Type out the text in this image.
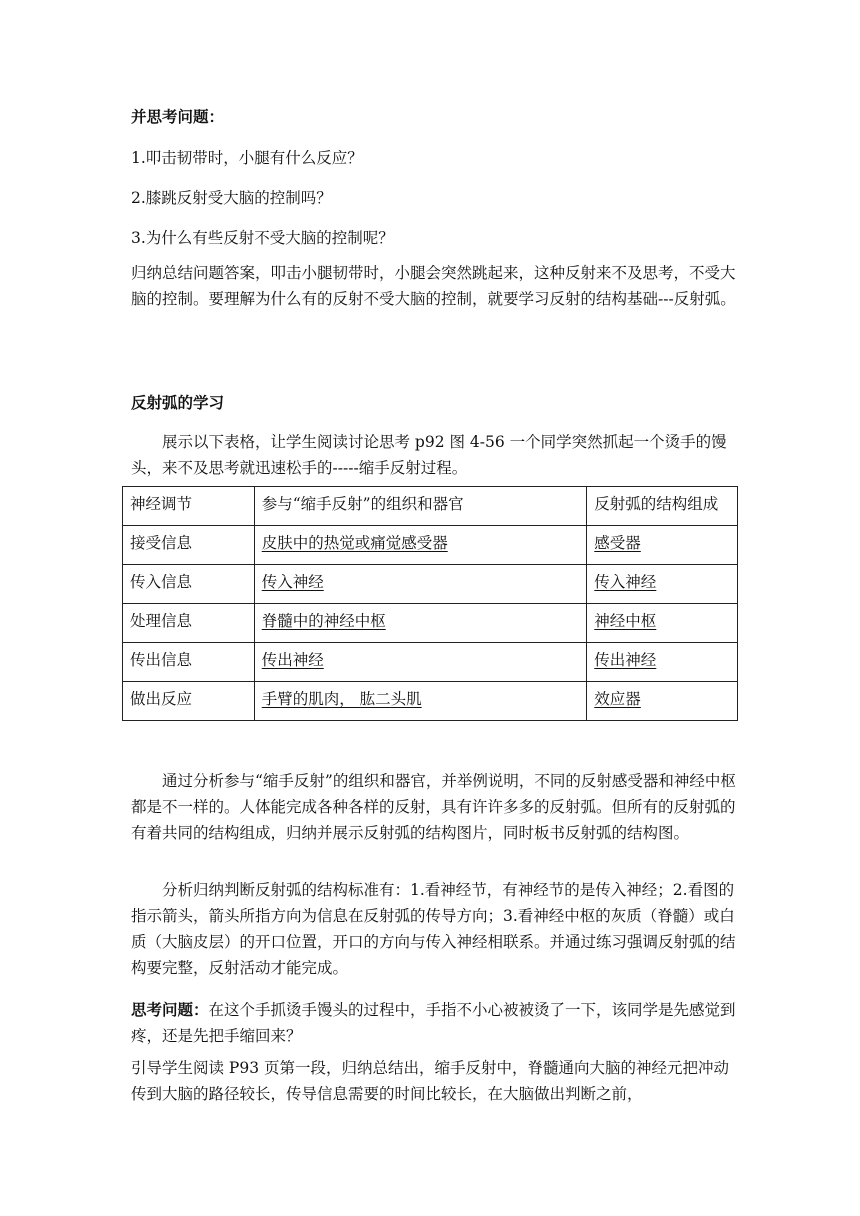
并思考问题：

1.叩击韧带时，小腿有什么反应？

2.膝跳反射受大脑的控制吗？

3.为什么有些反射不受大脑的控制呢？

归纳总结问题答案，叩击小腿韧带时，小腿会突然跳起来，这种反射来不及思考，不受大脑的控制。要理解为什么有的反射不受大脑的控制，就要学习反射的结构基础---反射弧。

反射弧的学习

展示以下表格，让学生阅读讨论思考 p92 图 4-56 一个同学突然抓起一个烫手的馒头，来不及思考就迅速松手的-----缩手反射过程。

神经调节	参与“缩手反射”的组织和器官	反射弧的结构组成
接受信息	皮肤中的热觉或痛觉感受器	感受器
传入信息	传入神经	传入神经
处理信息	脊髓中的神经中枢	神经中枢
传出信息	传出神经	传出神经
做出反应	手臂的肌肉， 肱二头肌	效应器

通过分析参与“缩手反射”的组织和器官，并举例说明，不同的反射感受器和神经中枢都是不一样的。人体能完成各种各样的反射，具有许许多多的反射弧。但所有的反射弧的有着共同的结构组成，归纳并展示反射弧的结构图片，同时板书反射弧的结构图。

分析归纳判断反射弧的结构标准有：1.看神经节，有神经节的是传入神经；2.看图的指示箭头，箭头所指方向为信息在反射弧的传导方向；3.看神经中枢的灰质（脊髓）或白质（大脑皮层）的开口位置，开口的方向与传入神经相联系。并通过练习强调反射弧的结构要完整，反射活动才能完成。

思考问题：在这个手抓烫手馒头的过程中，手指不小心被被烫了一下，该同学是先感觉到疼，还是先把手缩回来？

引导学生阅读 P93 页第一段，归纳总结出，缩手反射中，脊髓通向大脑的神经元把冲动传到大脑的路径较长，传导信息需要的时间比较长，在大脑做出判断之前，
